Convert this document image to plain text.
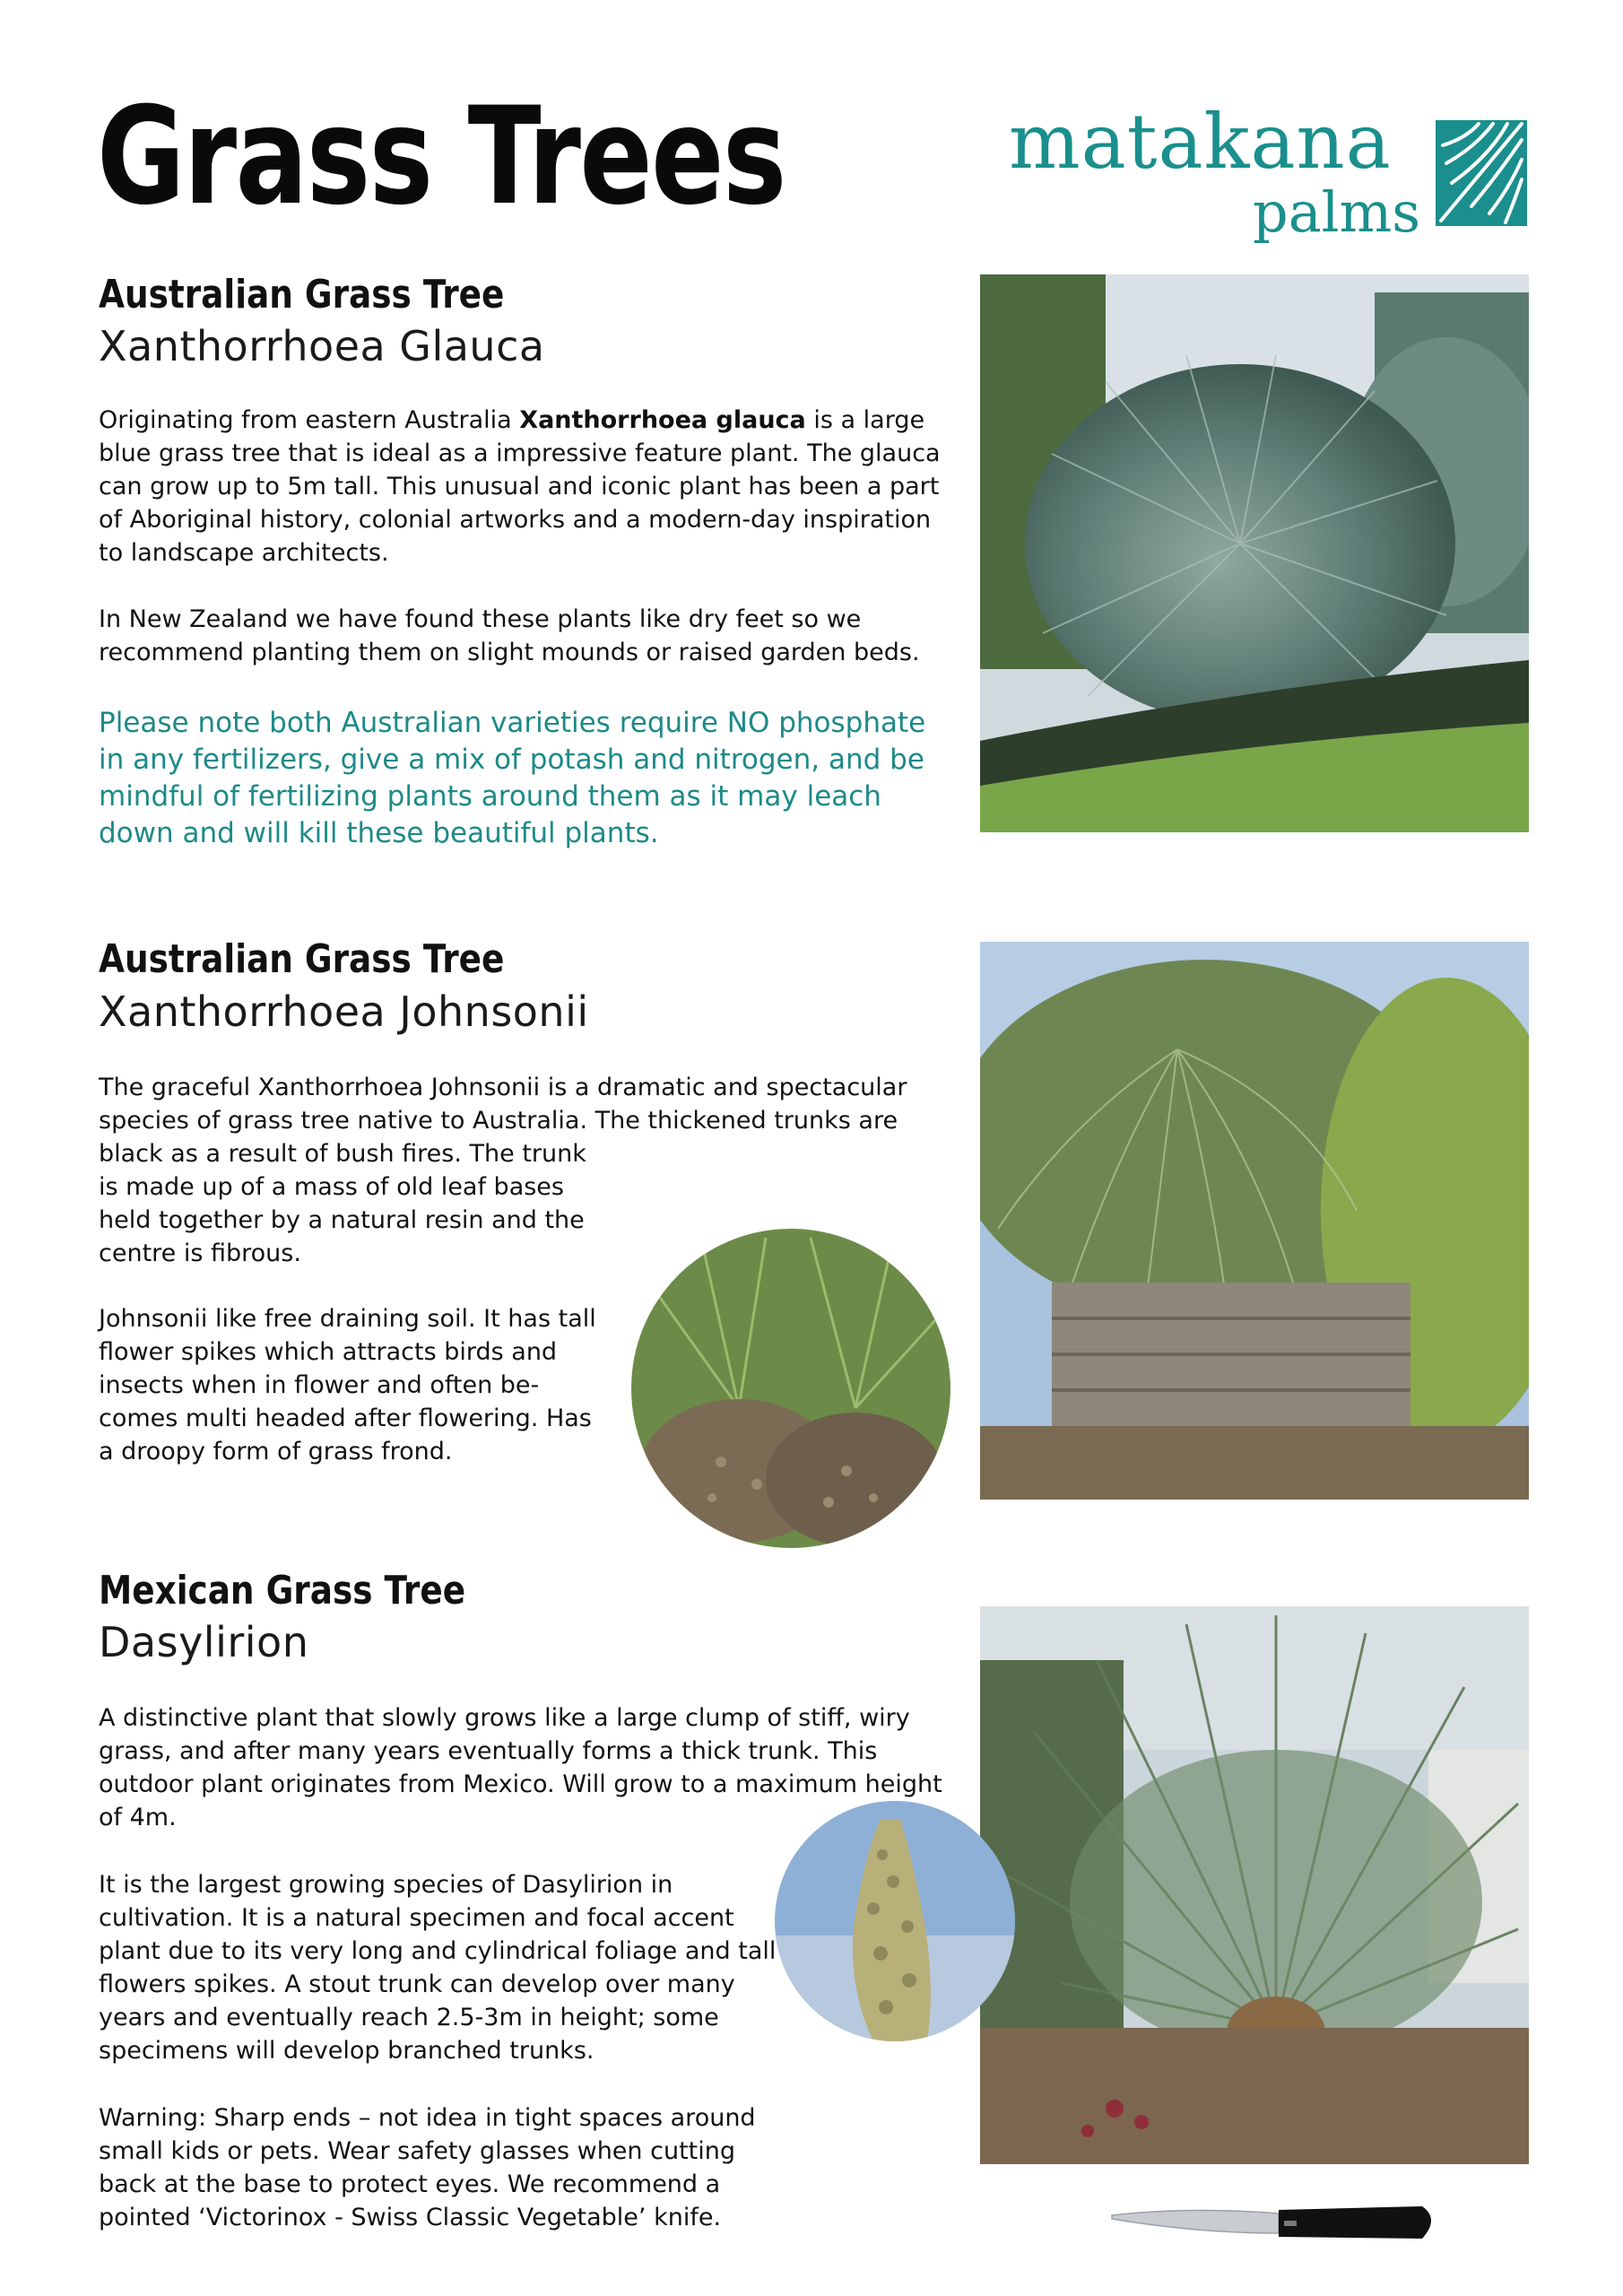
Grass Trees	matakana
palms
Australian Grass Tree
Xanthorrhoea Glauca

Originating from eastern Australia Xanthorrhoea glauca is a large blue grass tree that is ideal as a impressive feature plant. The glauca can grow up to 5m tall. This unusual and iconic plant has been a part of Aboriginal history, colonial artworks and a modern-day inspiration to landscape architects.

In New Zealand we have found these plants like dry feet so we recommend planting them on slight mounds or raised garden beds.

Please note both Australian varieties require NO phosphate in any fertilizers, give a mix of potash and nitrogen, and be mindful of fertilizing plants around them as it may leach down and will kill these beautiful plants.

Australian Grass Tree
Xanthorrhoea Johnsonii

The graceful Xanthorrhoea Johnsonii is a dramatic and spectacular species of grass tree native to Australia. The thickened trunks are

black as a result of bush fires. The trunk is made up of a mass of old leaf bases held together by a natural resin and the centre is fibrous.

Johnsonii like free draining soil. It has tall flower spikes which attracts birds and insects when in flower and often be-comes multi headed after flowering. Has a droopy form of grass frond.

Mexican Grass Tree
Dasylirion

A distinctive plant that slowly grows like a large clump of stiff, wiry grass, and after many years eventually forms a thick trunk. This outdoor plant originates from Mexico. Will grow to a maximum height of 4m.

It is the largest growing species of Dasylirion in cultivation. It is a natural specimen and focal accent plant due to its very long and cylindrical foliage and tall flowers spikes. A stout trunk can develop over many years and eventually reach 2.5-3m in height; some specimens will develop branched trunks.

Warning: Sharp ends – not idea in tight spaces around small kids or pets. Wear safety glasses when cutting back at the base to protect eyes. We recommend a pointed ‘Victorinox - Swiss Classic Vegetable’ knife.
